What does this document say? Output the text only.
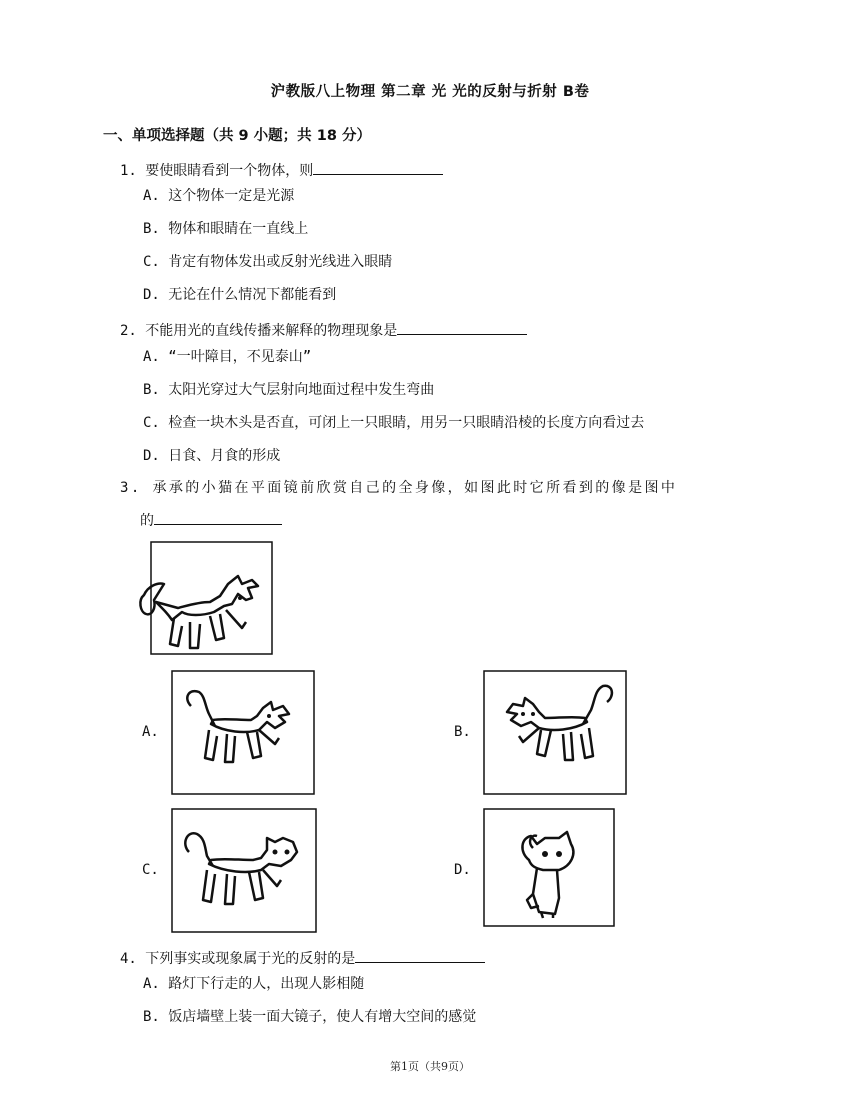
沪教版八上物理 第二章 光 光的反射与折射 B卷
一、单项选择题（共 9 小题；共 18 分）
1. 要使眼睛看到一个物体，则
A. 这个物体一定是光源
B. 物体和眼睛在一直线上
C. 肯定有物体发出或反射光线进入眼睛
D. 无论在什么情况下都能看到
2. 不能用光的直线传播来解释的物理现象是
A. “一叶障目，不见泰山”
B. 太阳光穿过大气层射向地面过程中发生弯曲
C. 检查一块木头是否直，可闭上一只眼睛，用另一只眼睛沿棱的长度方向看过去
D. 日食、月食的形成
3. 承承的小猫在平面镜前欣赏自己的全身像，如图此时它所看到的像是图中
的
A.	B.
C.	D.
4. 下列事实或现象属于光的反射的是
A. 路灯下行走的人，出现人影相随
B. 饭店墙壁上装一面大镜子，使人有增大空间的感觉
第1页（共9页）
